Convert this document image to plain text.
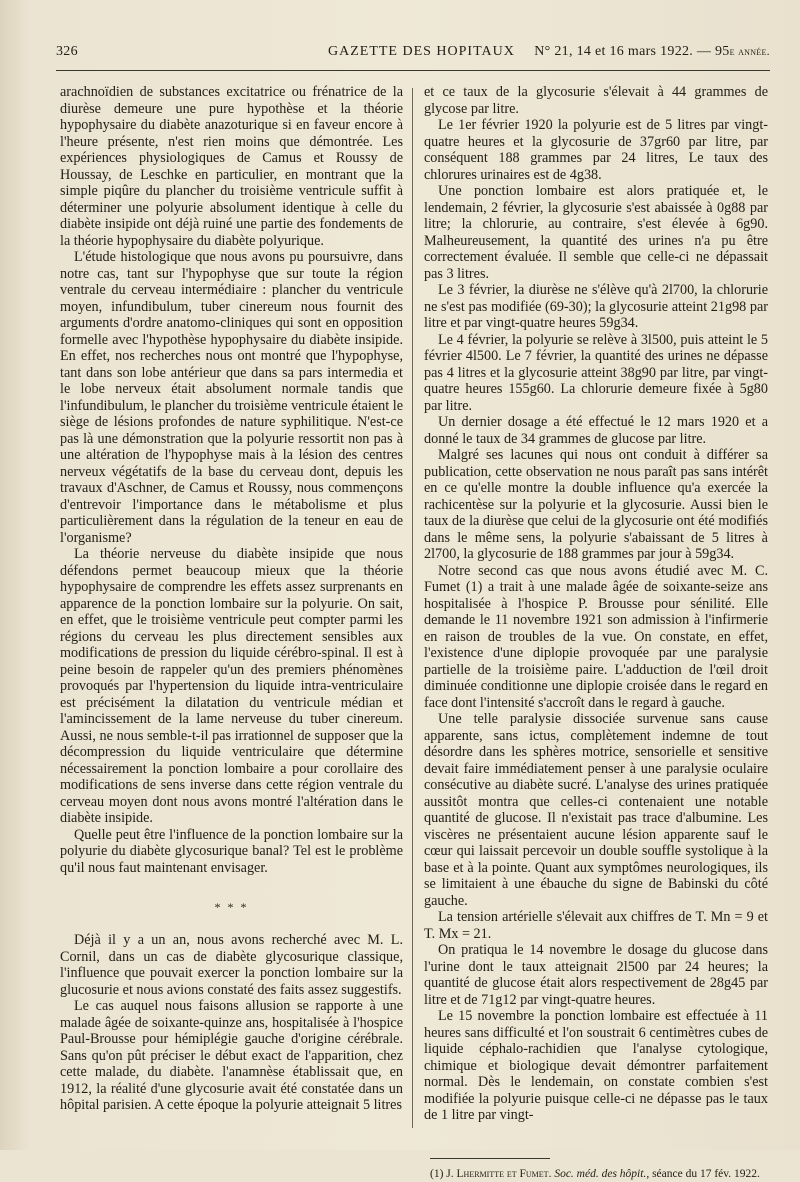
326	GAZETTE DES HOPITAUX N° 21, 14 et 16 mars 1922. — 95e année.

arachnoïdien de substances excitatrice ou frénatrice de la diurèse demeure une pure hypothèse et la théorie hypophysaire du diabète anazoturique si en faveur encore à l'heure présente, n'est rien moins que démontrée. Les expériences physiologiques de Camus et Roussy de Houssay, de Leschke en particulier, en montrant que la simple piqûre du plancher du troisième ventricule suffit à déterminer une polyurie absolument identique à celle du diabète insipide ont déjà ruiné une partie des fondements de la théorie hypophysaire du diabète polyurique.

L'étude histologique que nous avons pu poursuivre, dans notre cas, tant sur l'hypophyse que sur toute la région ventrale du cerveau intermédiaire : plancher du ventricule moyen, infundibulum, tuber cinereum nous fournit des arguments d'ordre anatomo-cliniques qui sont en opposition formelle avec l'hypothèse hypophysaire du diabète insipide. En effet, nos recherches nous ont montré que l'hypophyse, tant dans son lobe antérieur que dans sa pars intermedia et le lobe nerveux était absolument normale tandis que l'infundibulum, le plancher du troisième ventricule étaient le siège de lésions profondes de nature syphilitique. N'est-ce pas là une démonstration que la polyurie ressortit non pas à une altération de l'hypophyse mais à la lésion des centres nerveux végétatifs de la base du cerveau dont, depuis les travaux d'Aschner, de Camus et Roussy, nous commençons d'entrevoir l'importance dans le métabolisme et plus particulièrement dans la régulation de la teneur en eau de l'organisme?

La théorie nerveuse du diabète insipide que nous défendons permet beaucoup mieux que la théorie hypophysaire de comprendre les effets assez surprenants en apparence de la ponction lombaire sur la polyurie. On sait, en effet, que le troisième ventricule peut compter parmi les régions du cerveau les plus directement sensibles aux modifications de pression du liquide cérébro-spinal. Il est à peine besoin de rappeler qu'un des premiers phénomènes provoqués par l'hypertension du liquide intra-ventriculaire est précisément la dilatation du ventricule médian et l'amincissement de la lame nerveuse du tuber cinereum. Aussi, ne nous semble-t-il pas irrationnel de supposer que la décompression du liquide ventriculaire que détermine nécessairement la ponction lombaire a pour corollaire des modifications de sens inverse dans cette région ventrale du cerveau moyen dont nous avons montré l'altération dans le diabète insipide.

Quelle peut être l'influence de la ponction lombaire sur la polyurie du diabète glycosurique banal? Tel est le problème qu'il nous faut maintenant envisager.

* * *

Déjà il y a un an, nous avons recherché avec M. L. Cornil, dans un cas de diabète glycosurique classique, l'influence que pouvait exercer la ponction lombaire sur la glucosurie et nous avions constaté des faits assez suggestifs.

Le cas auquel nous faisons allusion se rapporte à une malade âgée de soixante-quinze ans, hospitalisée à l'hospice Paul-Brousse pour hémiplégie gauche d'origine cérébrale. Sans qu'on pût préciser le début exact de l'apparition, chez cette malade, du diabète. l'anamnèse établissait que, en 1912, la réalité d'une glycosurie avait été constatée dans un hôpital parisien. A cette époque la polyurie atteignait 5 litres

et ce taux de la glycosurie s'élevait à 44 grammes de glycose par litre.

Le 1er février 1920 la polyurie est de 5 litres par vingt-quatre heures et la glycosurie de 37gr60 par litre, par conséquent 188 grammes par 24 litres, Le taux des chlorures urinaires est de 4g38.

Une ponction lombaire est alors pratiquée et, le lendemain, 2 février, la glycosurie s'est abaissée à 0g88 par litre; la chlorurie, au contraire, s'est élevée à 6g90. Malheureusement, la quantité des urines n'a pu être correctement évaluée. Il semble que celle-ci ne dépassait pas 3 litres.

Le 3 février, la diurèse ne s'élève qu'à 2l700, la chlorurie ne s'est pas modifiée (69-30); la glycosurie atteint 21g98 par litre et par vingt-quatre heures 59g34.

Le 4 février, la polyurie se relève à 3l500, puis atteint le 5 février 4l500. Le 7 février, la quantité des urines ne dépasse pas 4 litres et la glycosurie atteint 38g90 par litre, par vingt-quatre heures 155g60. La chlorurie demeure fixée à 5g80 par litre.

Un dernier dosage a été effectué le 12 mars 1920 et a donné le taux de 34 grammes de glucose par litre.

Malgré ses lacunes qui nous ont conduit à différer sa publication, cette observation ne nous paraît pas sans intérêt en ce qu'elle montre la double influence qu'a exercée la rachicentèse sur la polyurie et la glycosurie. Aussi bien le taux de la diurèse que celui de la glycosurie ont été modifiés dans le même sens, la polyurie s'abaissant de 5 litres à 2l700, la glycosurie de 188 grammes par jour à 59g34.

Notre second cas que nous avons étudié avec M. C. Fumet (1) a trait à une malade âgée de soixante-seize ans hospitalisée à l'hospice P. Brousse pour sénilité. Elle demande le 11 novembre 1921 son admission à l'infirmerie en raison de troubles de la vue. On constate, en effet, l'existence d'une diplopie provoquée par une paralysie partielle de la troisième paire. L'adduction de l'œil droit diminuée conditionne une diplopie croisée dans le regard en face dont l'intensité s'accroît dans le regard à gauche.

Une telle paralysie dissociée survenue sans cause apparente, sans ictus, complètement indemne de tout désordre dans les sphères motrice, sensorielle et sensitive devait faire immédiatement penser à une paralysie oculaire consécutive au diabète sucré. L'analyse des urines pratiquée aussitôt montra que celles-ci contenaient une notable quantité de glucose. Il n'existait pas trace d'albumine. Les viscères ne présentaient aucune lésion apparente sauf le cœur qui laissait percevoir un double souffle systolique à la base et à la pointe. Quant aux symptômes neurologiques, ils se limitaient à une ébauche du signe de Babinski du côté gauche.

La tension artérielle s'élevait aux chiffres de T. Mn = 9 et T. Mx = 21.

On pratiqua le 14 novembre le dosage du glucose dans l'urine dont le taux atteignait 2l500 par 24 heures; la quantité de glucose était alors respectivement de 28g45 par litre et de 71g12 par vingt-quatre heures.

Le 15 novembre la ponction lombaire est effectuée à 11 heures sans difficulté et l'on soustrait 6 centimètres cubes de liquide céphalo-rachidien que l'analyse cytologique, chimique et biologique devait démontrer parfaitement normal. Dès le lendemain, on constate combien s'est modifiée la polyurie puisque celle-ci ne dépasse pas le taux de 1 litre par vingt-

(1) J. Lhermitte et Fumet. Soc. méd. des hôpit., séance du 17 fév. 1922.
